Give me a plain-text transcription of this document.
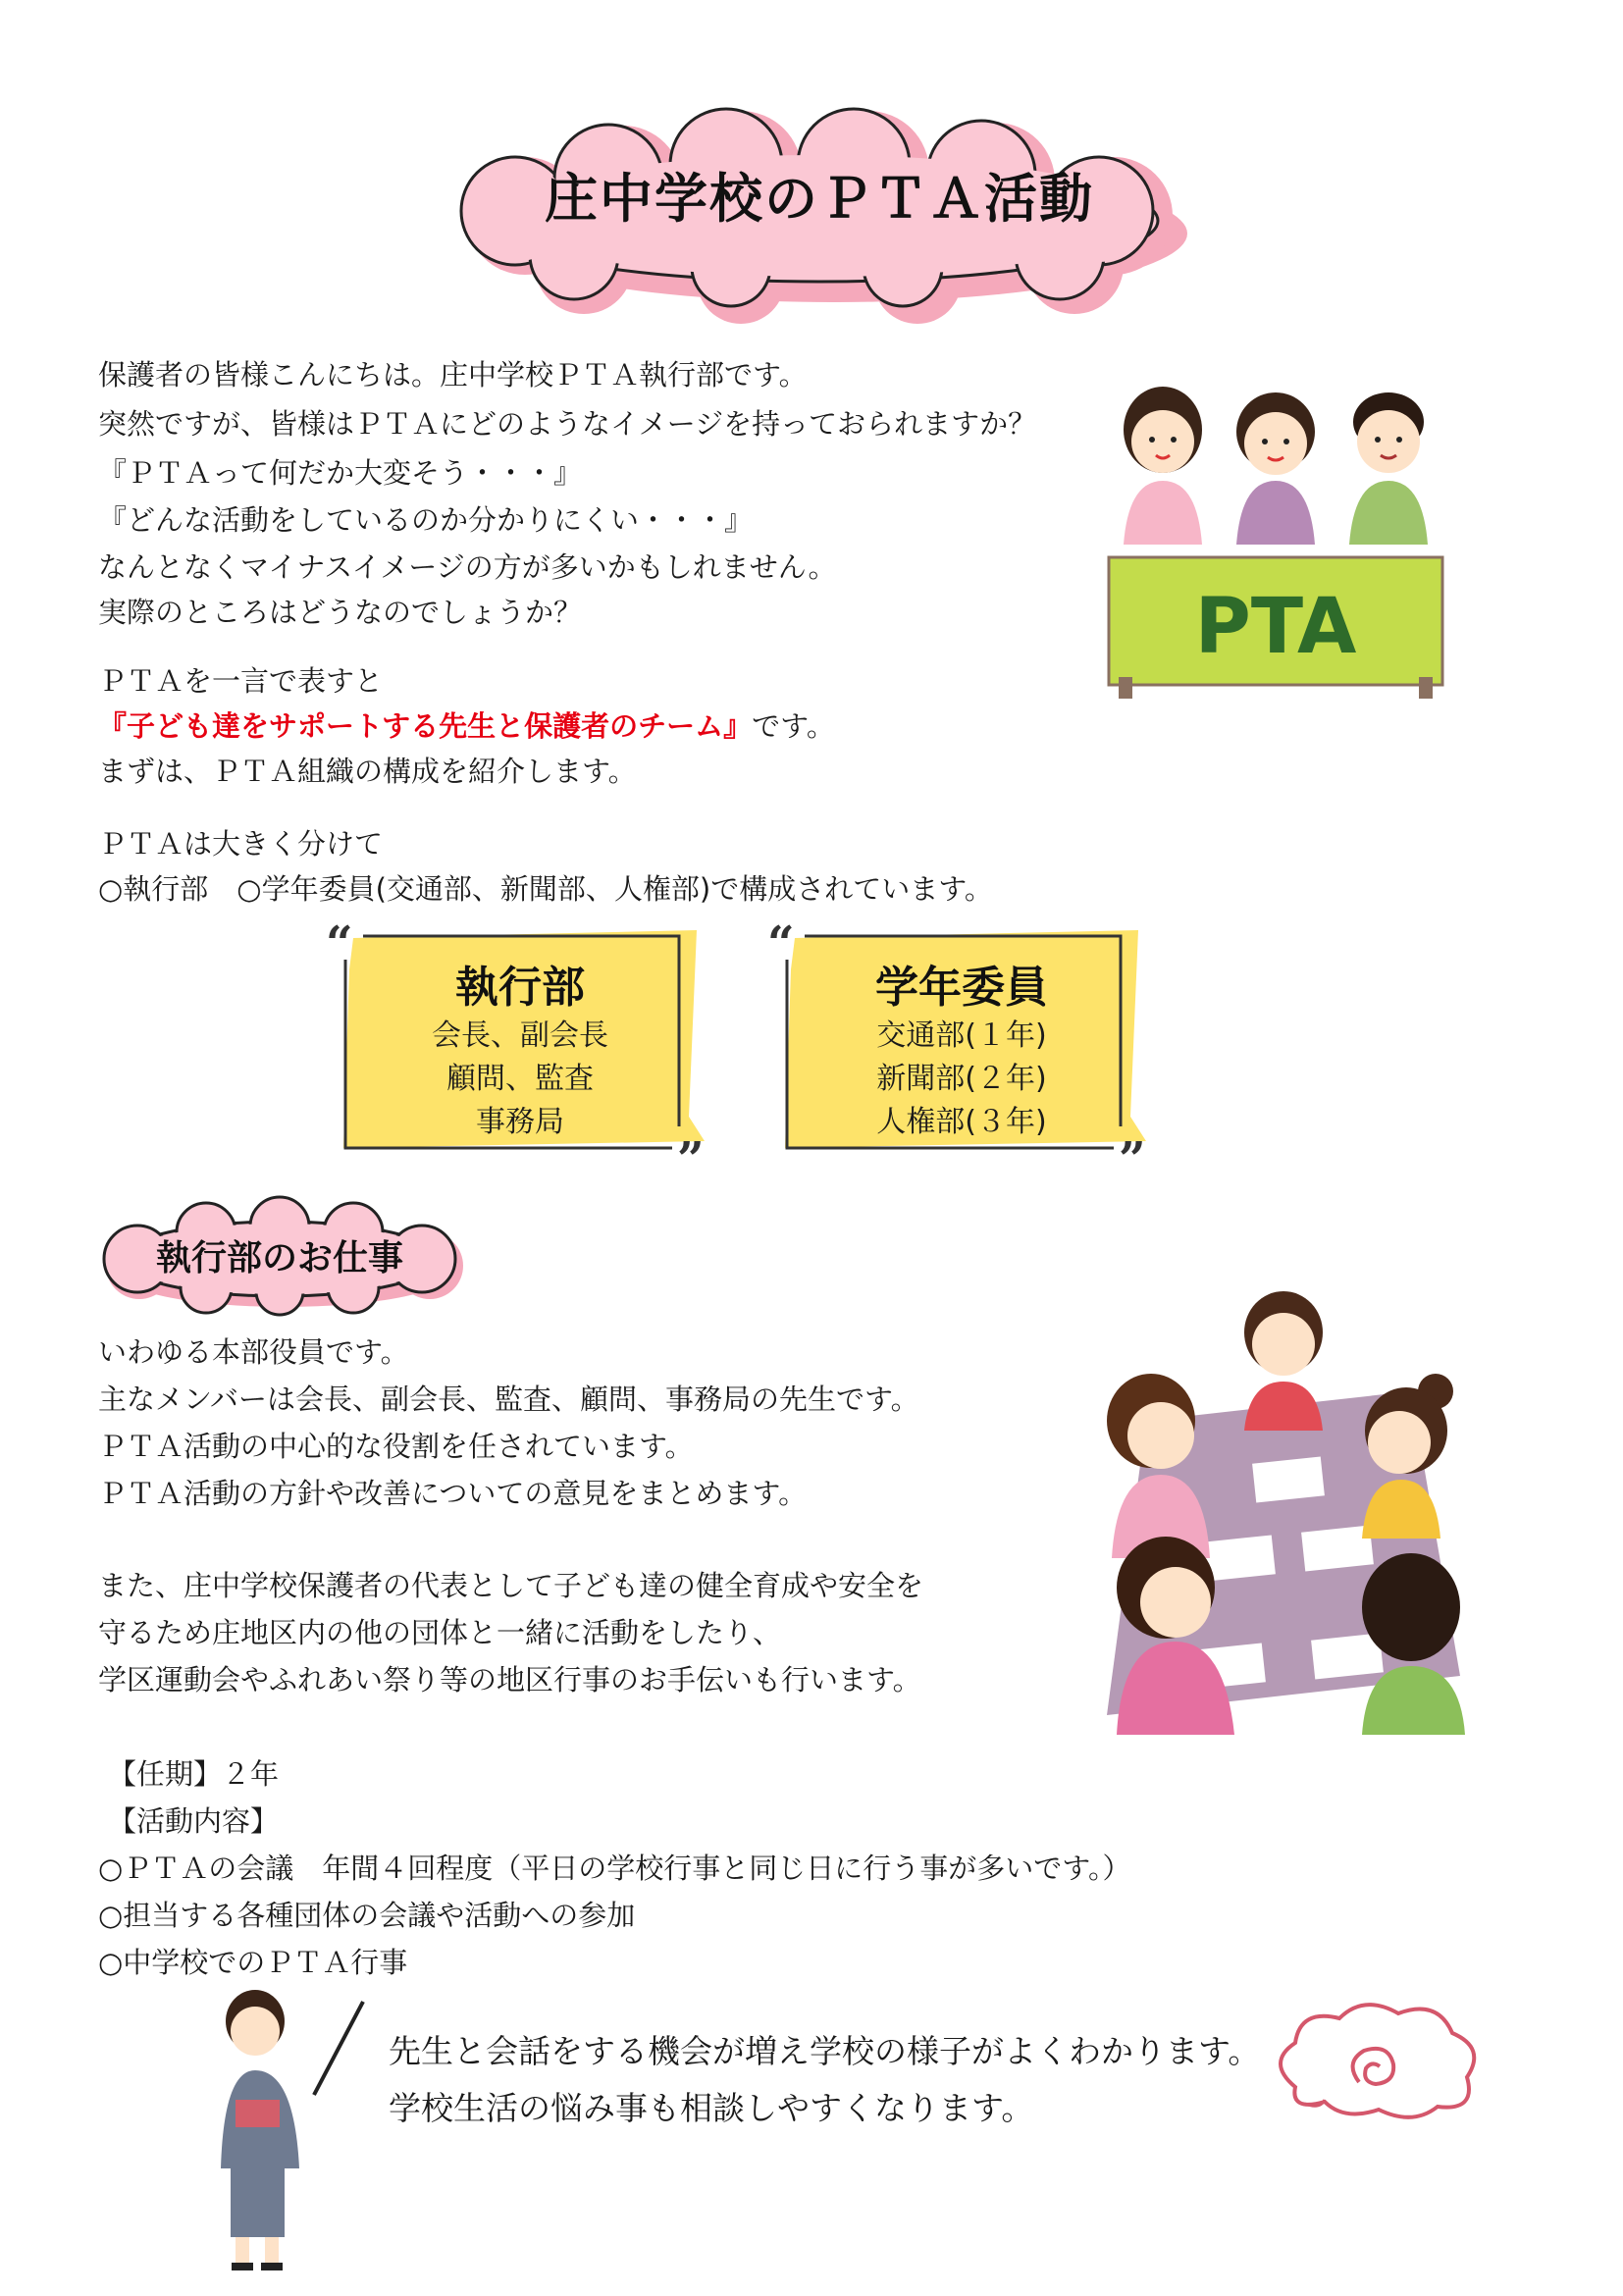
庄中学校のＰＴＡ活動
保護者の皆様こんにちは。庄中学校ＰＴＡ執行部です。
突然ですが、皆様はＰＴＡにどのようなイメージを持っておられますか？
『ＰＴＡって何だか大変そう・・・』
『どんな活動をしているのか分かりにくい・・・』
なんとなくマイナスイメージの方が多いかもしれません。
実際のところはどうなのでしょうか？	PTA
ＰＴＡを一言で表すと
『子ども達をサポートする先生と保護者のチーム』です。
まずは、ＰＴＡ組織の構成を紹介します。
ＰＴＡは大きく分けて
○執行部　○学年委員(交通部、新聞部、人権部)で構成されています。
“
”
執行部
会長、副会長
顧問、監査
事務局
“
”
学年委員
交通部(１年)
新聞部(２年)
人権部(３年)
執行部のお仕事
いわゆる本部役員です。
主なメンバーは会長、副会長、監査、顧問、事務局の先生です。
ＰＴＡ活動の中心的な役割を任されています。
ＰＴＡ活動の方針や改善についての意見をまとめます。
また、庄中学校保護者の代表として子ども達の健全育成や安全を
守るため庄地区内の他の団体と一緒に活動をしたり、
学区運動会やふれあい祭り等の地区行事のお手伝いも行います。
【任期】２年
【活動内容】
○ＰＴＡの会議　年間４回程度（平日の学校行事と同じ日に行う事が多いです。）
○担当する各種団体の会議や活動への参加
○中学校でのＰＴＡ行事
先生と会話をする機会が増え学校の様子がよくわかります。
学校生活の悩み事も相談しやすくなります。
